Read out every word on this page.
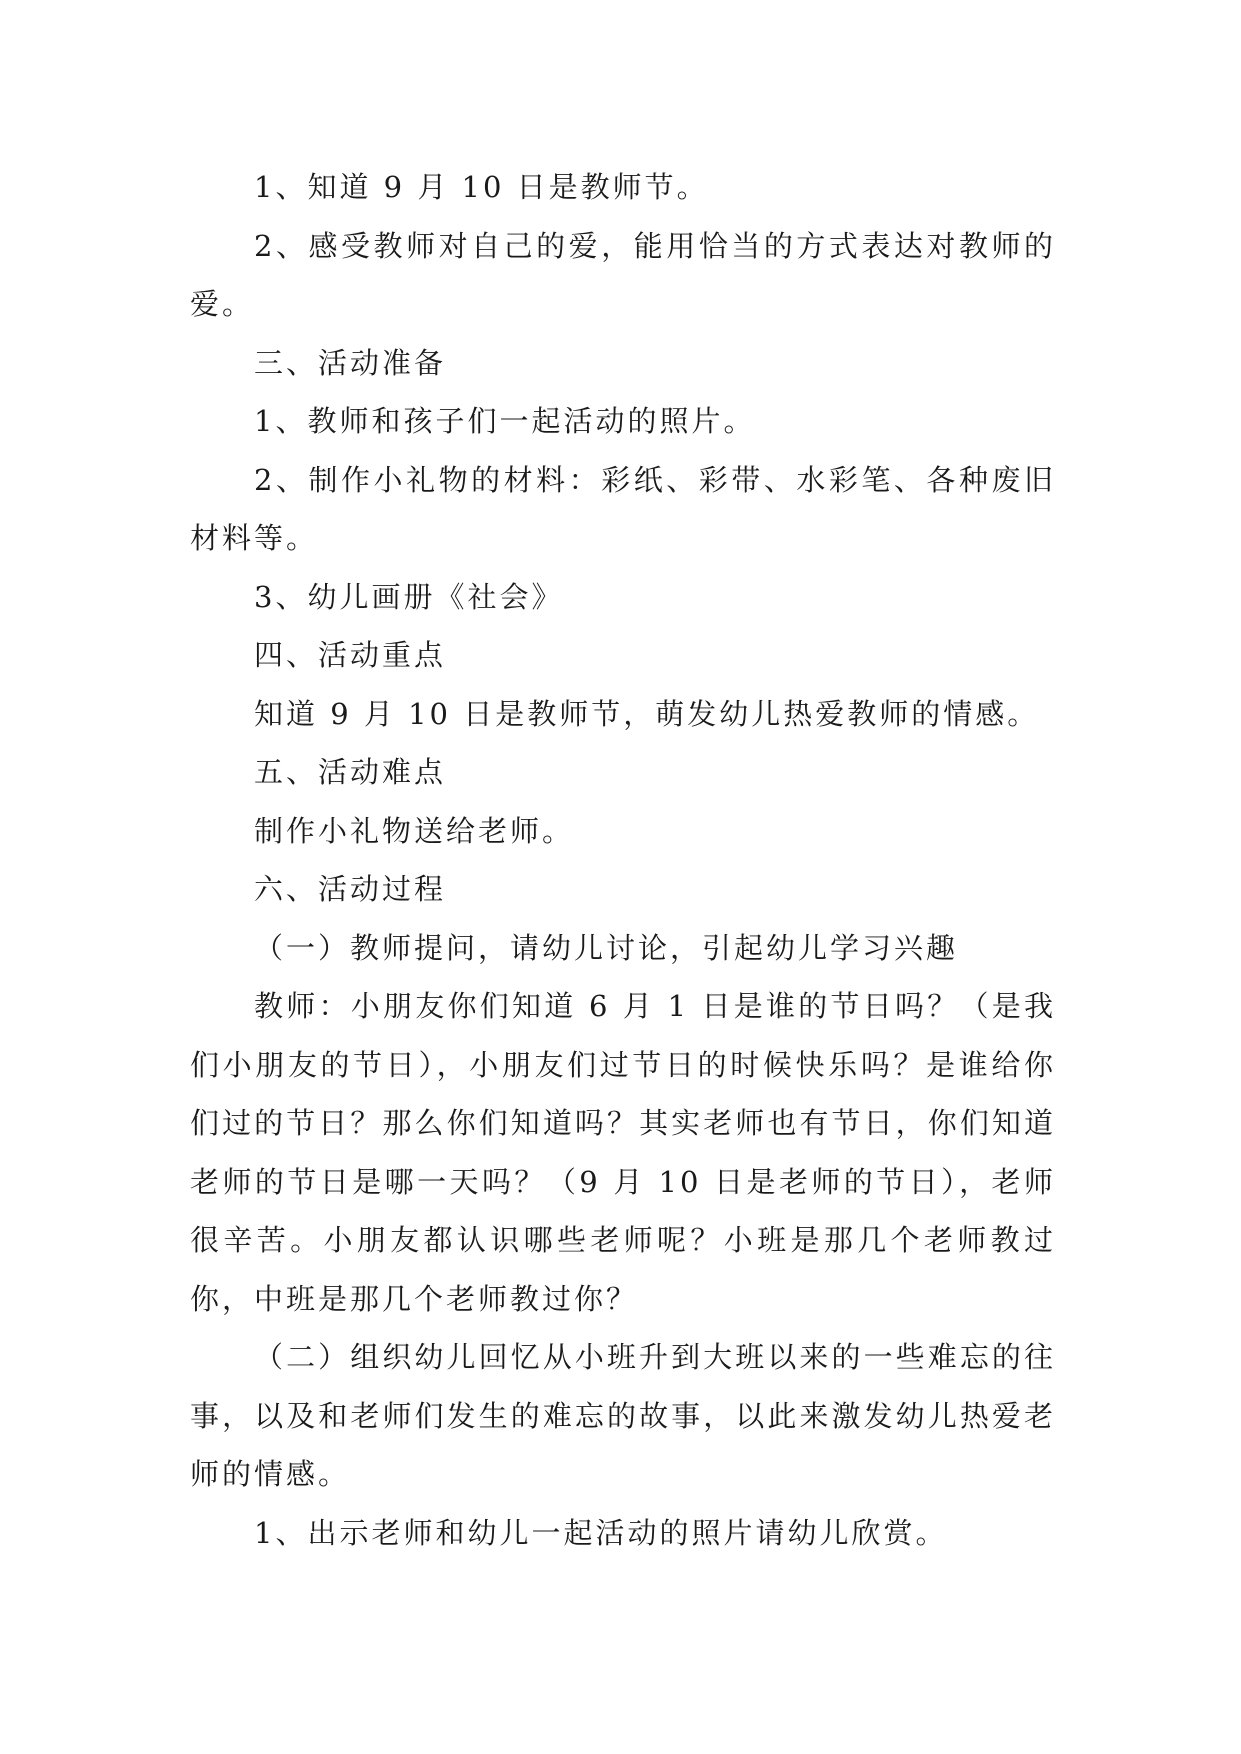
1、知道 9 月 10 日是教师节。

2、感受教师对自己的爱，能用恰当的方式表达对教师的爱。

三、活动准备

1、教师和孩子们一起活动的照片。

2、制作小礼物的材料：彩纸、彩带、水彩笔、各种废旧材料等。

3、幼儿画册《社会》

四、活动重点

知道 9 月 10 日是教师节，萌发幼儿热爱教师的情感。

五、活动难点

制作小礼物送给老师。

六、活动过程

（一）教师提问，请幼儿讨论，引起幼儿学习兴趣

教师：小朋友你们知道 6 月 1 日是谁的节日吗？（是我们小朋友的节日），小朋友们过节日的时候快乐吗？是谁给你们过的节日？那么你们知道吗？其实老师也有节日，你们知道老师的节日是哪一天吗？（9 月 10 日是老师的节日），老师很辛苦。小朋友都认识哪些老师呢？小班是那几个老师教过你，中班是那几个老师教过你？

（二）组织幼儿回忆从小班升到大班以来的一些难忘的往事，以及和老师们发生的难忘的故事，以此来激发幼儿热爱老师的情感。

1、出示老师和幼儿一起活动的照片请幼儿欣赏。
